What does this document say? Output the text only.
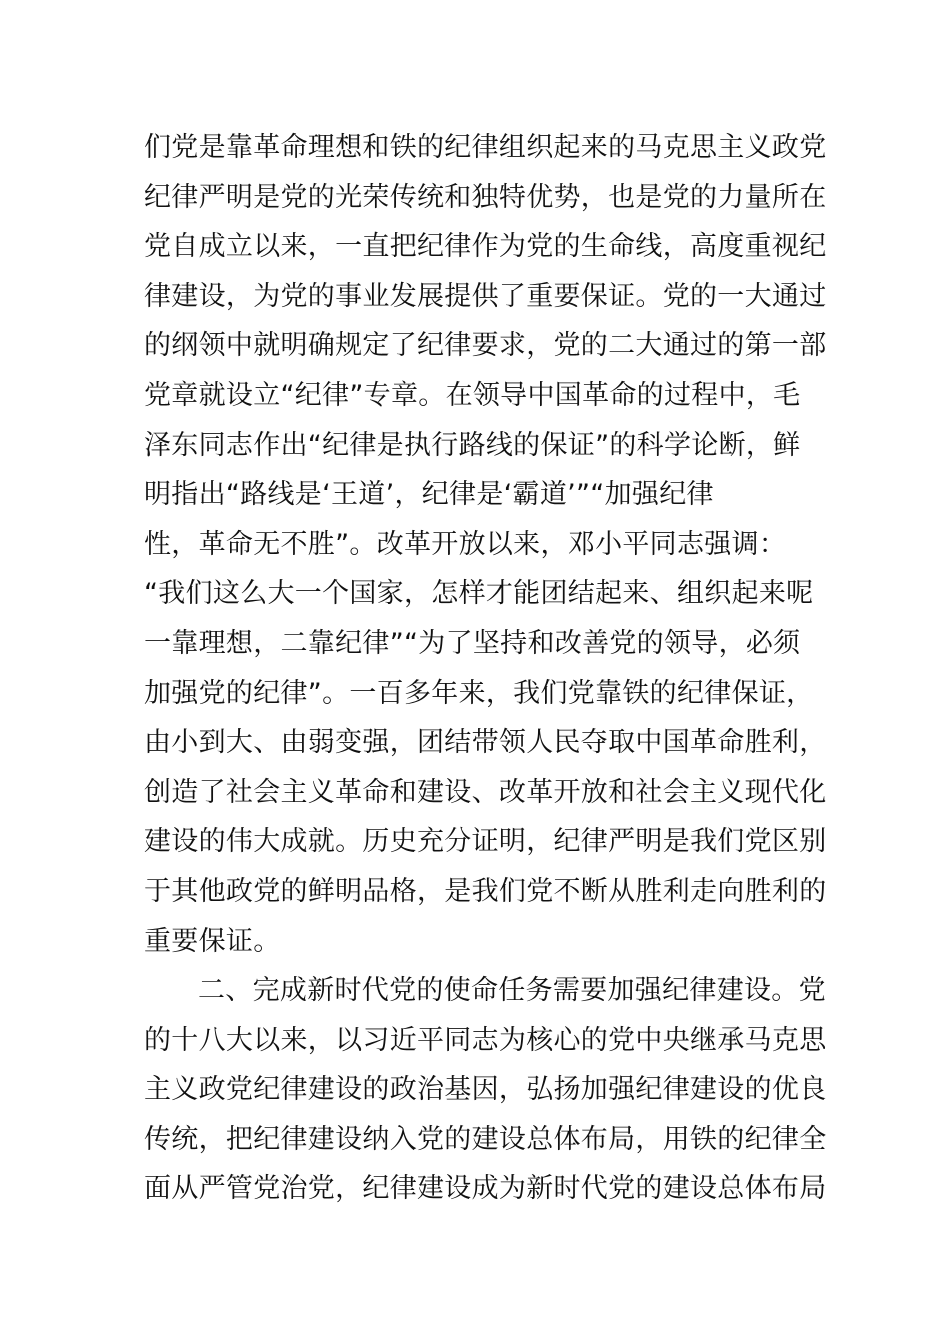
们党是靠革命理想和铁的纪律组织起来的马克思主义政党
纪律严明是党的光荣传统和独特优势，也是党的力量所在
党自成立以来，一直把纪律作为党的生命线，高度重视纪
律建设，为党的事业发展提供了重要保证。党的一大通过
的纲领中就明确规定了纪律要求，党的二大通过的第一部
党章就设立“纪律”专章。在领导中国革命的过程中，毛
泽东同志作出“纪律是执行路线的保证”的科学论断，鲜
明指出“路线是‘王道’，纪律是‘霸道’”“加强纪律
性，革命无不胜”。改革开放以来，邓小平同志强调：
“我们这么大一个国家，怎样才能团结起来、组织起来呢
一靠理想，二靠纪律”“为了坚持和改善党的领导，必须
加强党的纪律”。一百多年来，我们党靠铁的纪律保证，
由小到大、由弱变强，团结带领人民夺取中国革命胜利，
创造了社会主义革命和建设、改革开放和社会主义现代化
建设的伟大成就。历史充分证明，纪律严明是我们党区别
于其他政党的鲜明品格，是我们党不断从胜利走向胜利的
重要保证。
二、完成新时代党的使命任务需要加强纪律建设。党
的十八大以来，以习近平同志为核心的党中央继承马克思
主义政党纪律建设的政治基因，弘扬加强纪律建设的优良
传统，把纪律建设纳入党的建设总体布局，用铁的纪律全
面从严管党治党，纪律建设成为新时代党的建设总体布局
